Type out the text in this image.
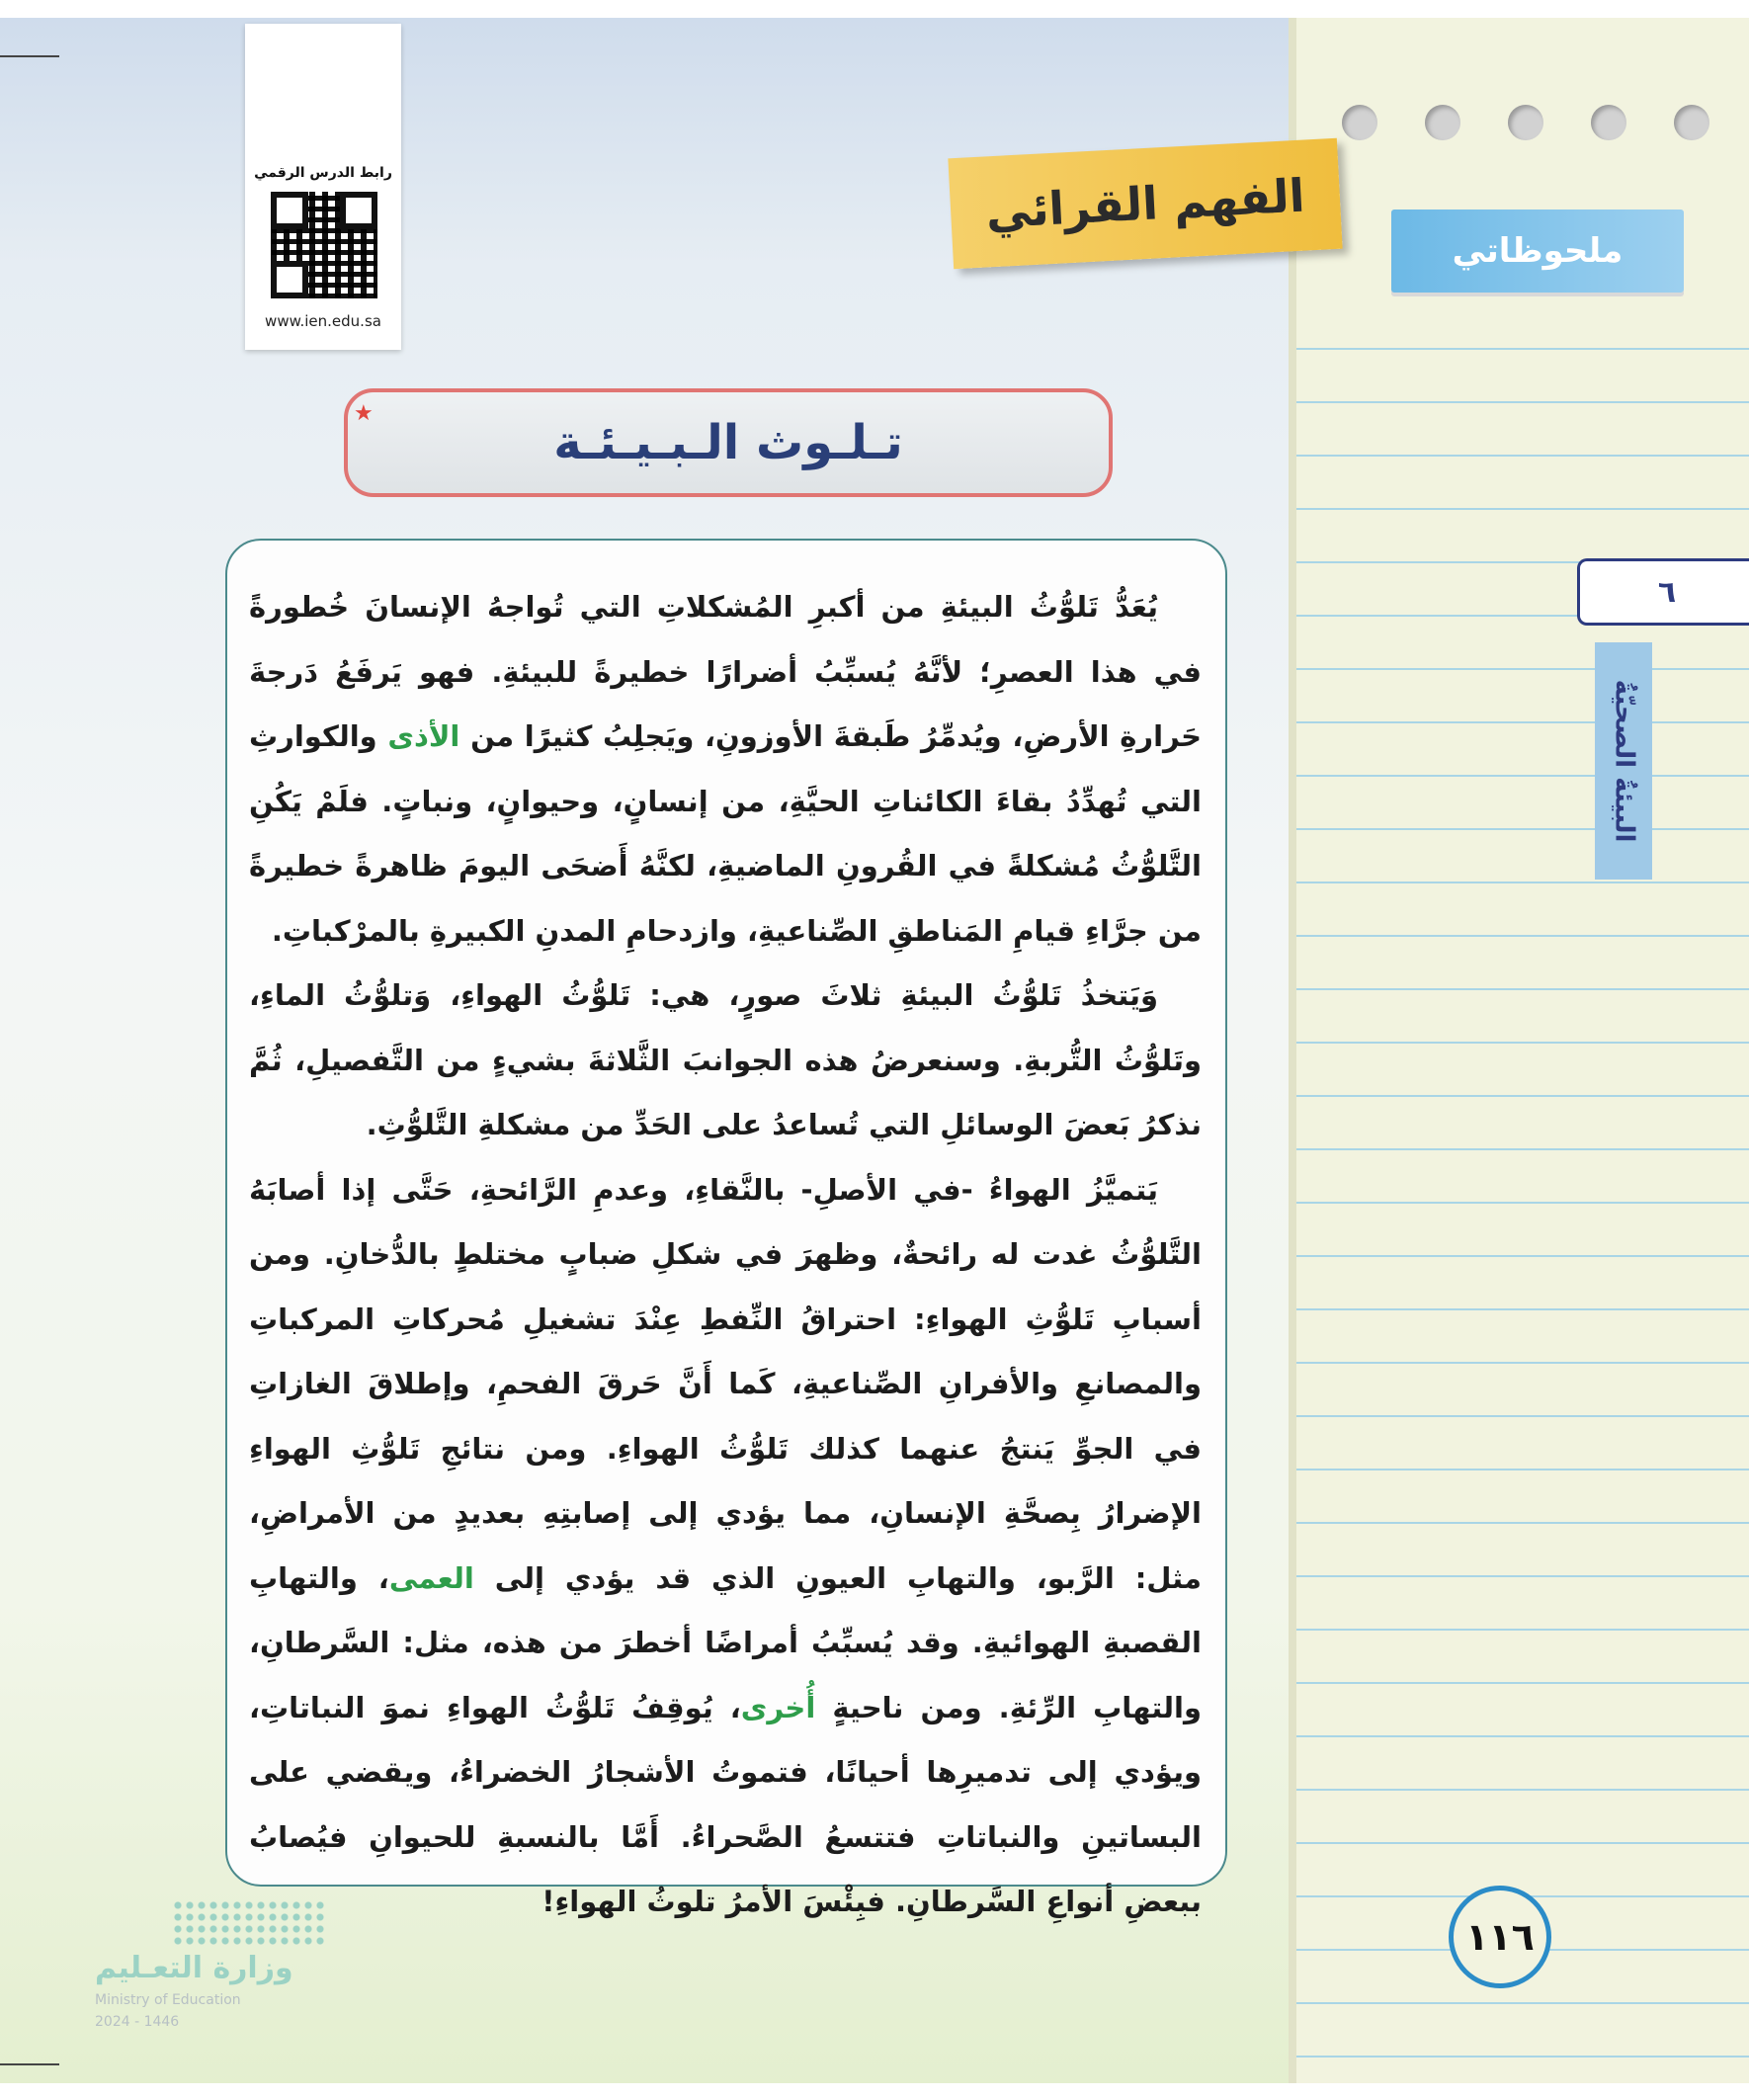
ملحوظاتي
٦
البيئةُ الصحيّةُ
١١٦
رابط الدرس الرقمي
www.ien.edu.sa
الفهم القرائي
تـلـوث الـبـيـئـة
★

يُعَدُّ تَلوُّثُ البيئةِ من أكبرِ المُشكلاتِ التي تُواجهُ الإنسانَ خُطورةً في هذا العصرِ؛ لأنَّهُ يُسبِّبُ أضرارًا خطيرةً للبيئةِ. فهو يَرفَعُ دَرجةَ حَرارةِ الأرضِ، ويُدمِّرُ طَبقةَ الأوزونِ، ويَجلِبُ كثيرًا من الأذى والكوارثِ التي تُهدِّدُ بقاءَ الكائناتِ الحيَّةِ، من إنسانٍ، وحيوانٍ، ونباتٍ. فلَمْ يَكُنِ التَّلوُّثُ مُشكلةً في القُرونِ الماضيةِ، لكنَّهُ أَضحَى اليومَ ظاهرةً خطيرةً من جرَّاءِ قيامِ المَناطقِ الصِّناعيةِ، وازدحامِ المدنِ الكبيرةِ بالمرْكباتِ.

وَيَتخذُ تَلوُّثُ البيئةِ ثلاثَ صورٍ، هي: تَلوُّثُ الهواءِ، وَتلوُّثُ الماءِ، وتَلوُّثُ التُّربةِ. وسنعرضُ هذه الجوانبَ الثَّلاثةَ بشيءٍ من التَّفصيلِ، ثُمَّ نذكرُ بَعضَ الوسائلِ التي تُساعدُ على الحَدِّ من مشكلةِ التَّلوُّثِ.

يَتميَّزُ الهواءُ -في الأصلِ- بالنَّقاءِ، وعدمِ الرَّائحةِ، حَتَّى إذا أصابَهُ التَّلوُّثُ غدت له رائحةٌ، وظهرَ في شكلِ ضبابٍ مختلطٍ بالدُّخانِ. ومن أسبابِ تَلوُّثِ الهواءِ: احتراقُ النِّفطِ عِنْدَ تشغيلِ مُحركاتِ المركباتِ والمصانعِ والأفرانِ الصِّناعيةِ، كَما أَنَّ حَرقَ الفحمِ، وإطلاقَ الغازاتِ في الجوِّ يَنتجُ عنهما كذلك تَلوُّثُ الهواءِ. ومن نتائجِ تَلوُّثِ الهواءِ الإضرارُ بِصحَّةِ الإنسانِ، مما يؤدي إلى إصابتِهِ بعديدٍ من الأمراضِ، مثل: الرَّبو، والتهابِ العيونِ الذي قد يؤدي إلى العمى، والتهابِ القصبةِ الهوائيةِ. وقد يُسبِّبُ أمراضًا أخطرَ من هذه، مثل: السَّرطانِ، والتهابِ الرِّئةِ. ومن ناحيةٍ أُخرى، يُوقِفُ تَلوُّثُ الهواءِ نموَ النباتاتِ، ويؤدي إلى تدميرِها أحيانًا، فتموتُ الأشجارُ الخضراءُ، ويقضي على البساتينِ والنباتاتِ فتتسعُ الصَّحراءُ. أَمَّا بالنسبةِ للحيوانِ فيُصابُ ببعضِ أنواعِ السَّرطانِ. فبِئْسَ الأمرُ تلوثُ الهواءِ!

وزارة التعـليم
Ministry of Education
2024 - 1446
